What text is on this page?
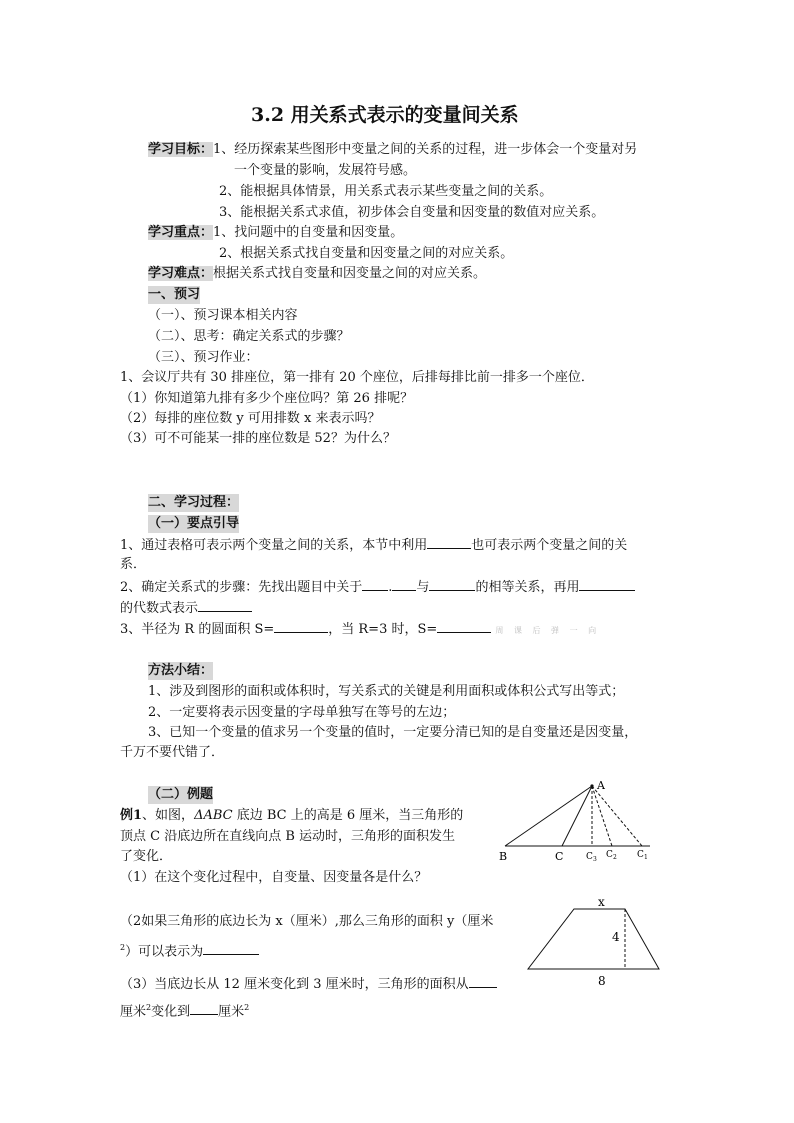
3.2 用关系式表示的变量间关系
学习目标：1、经历探索某些图形中变量之间的关系的过程，进一步体会一个变量对另
一个变量的影响，发展符号感。
2、能根据具体情景，用关系式表示某些变量之间的关系。
3、能根据关系式求值，初步体会自变量和因变量的数值对应关系。
学习重点：1、找问题中的自变量和因变量。
2、根据关系式找自变量和因变量之间的对应关系。
学习难点：根据关系式找自变量和因变量之间的对应关系。
一、预习
（一）、预习课本相关内容
（二）、思考：确定关系式的步骤？
（三）、预习作业：
1、会议厅共有 30 排座位，第一排有 20 个座位，后排每排比前一排多一个座位．
（1）你知道第九排有多少个座位吗？第 26 排呢？
（2）每排的座位数 y 可用排数 x 来表示吗？
（3）可不可能某一排的座位数是 52？为什么？
二、学习过程：
（一）要点引导
1、通过表格可表示两个变量之间的关系，本节中利用	也可表示两个变量之间的关
系．
2、确定关系式的步骤：先找出题目中关于 . 与	的相等关系，再用
的代数式表示
3、半径为 R 的圆面积 S=	，当 R=3 时，S=	周 课 后 弹 一 向
方法小结：
1、涉及到图形的面积或体积时，写关系式的关键是利用面积或体积公式写出等式；
2、一定要将表示因变量的字母单独写在等号的左边；
3、已知一个变量的值求另一个变量的值时，一定要分清已知的是自变量还是因变量，
千万不要代错了．
（二）例题
例1、如图，ΔABC 底边 BC 上的高是 6 厘米，当三角形的
顶点 C 沿底边所在直线向点 B 运动时，三角形的面积发生
了变化．
（1）在这个变化过程中，自变量、因变量各是什么？
（2如果三角形的底边长为 x（厘米）,那么三角形的面积 y（厘米
$^2$）可以表示为
（3）当底边长从 12 厘米变化到 3 厘米时，三角形的面积从
厘米$^2$变化到 厘米$^2$
A
B	C	C 3 C 2 C 1
x
4
8
